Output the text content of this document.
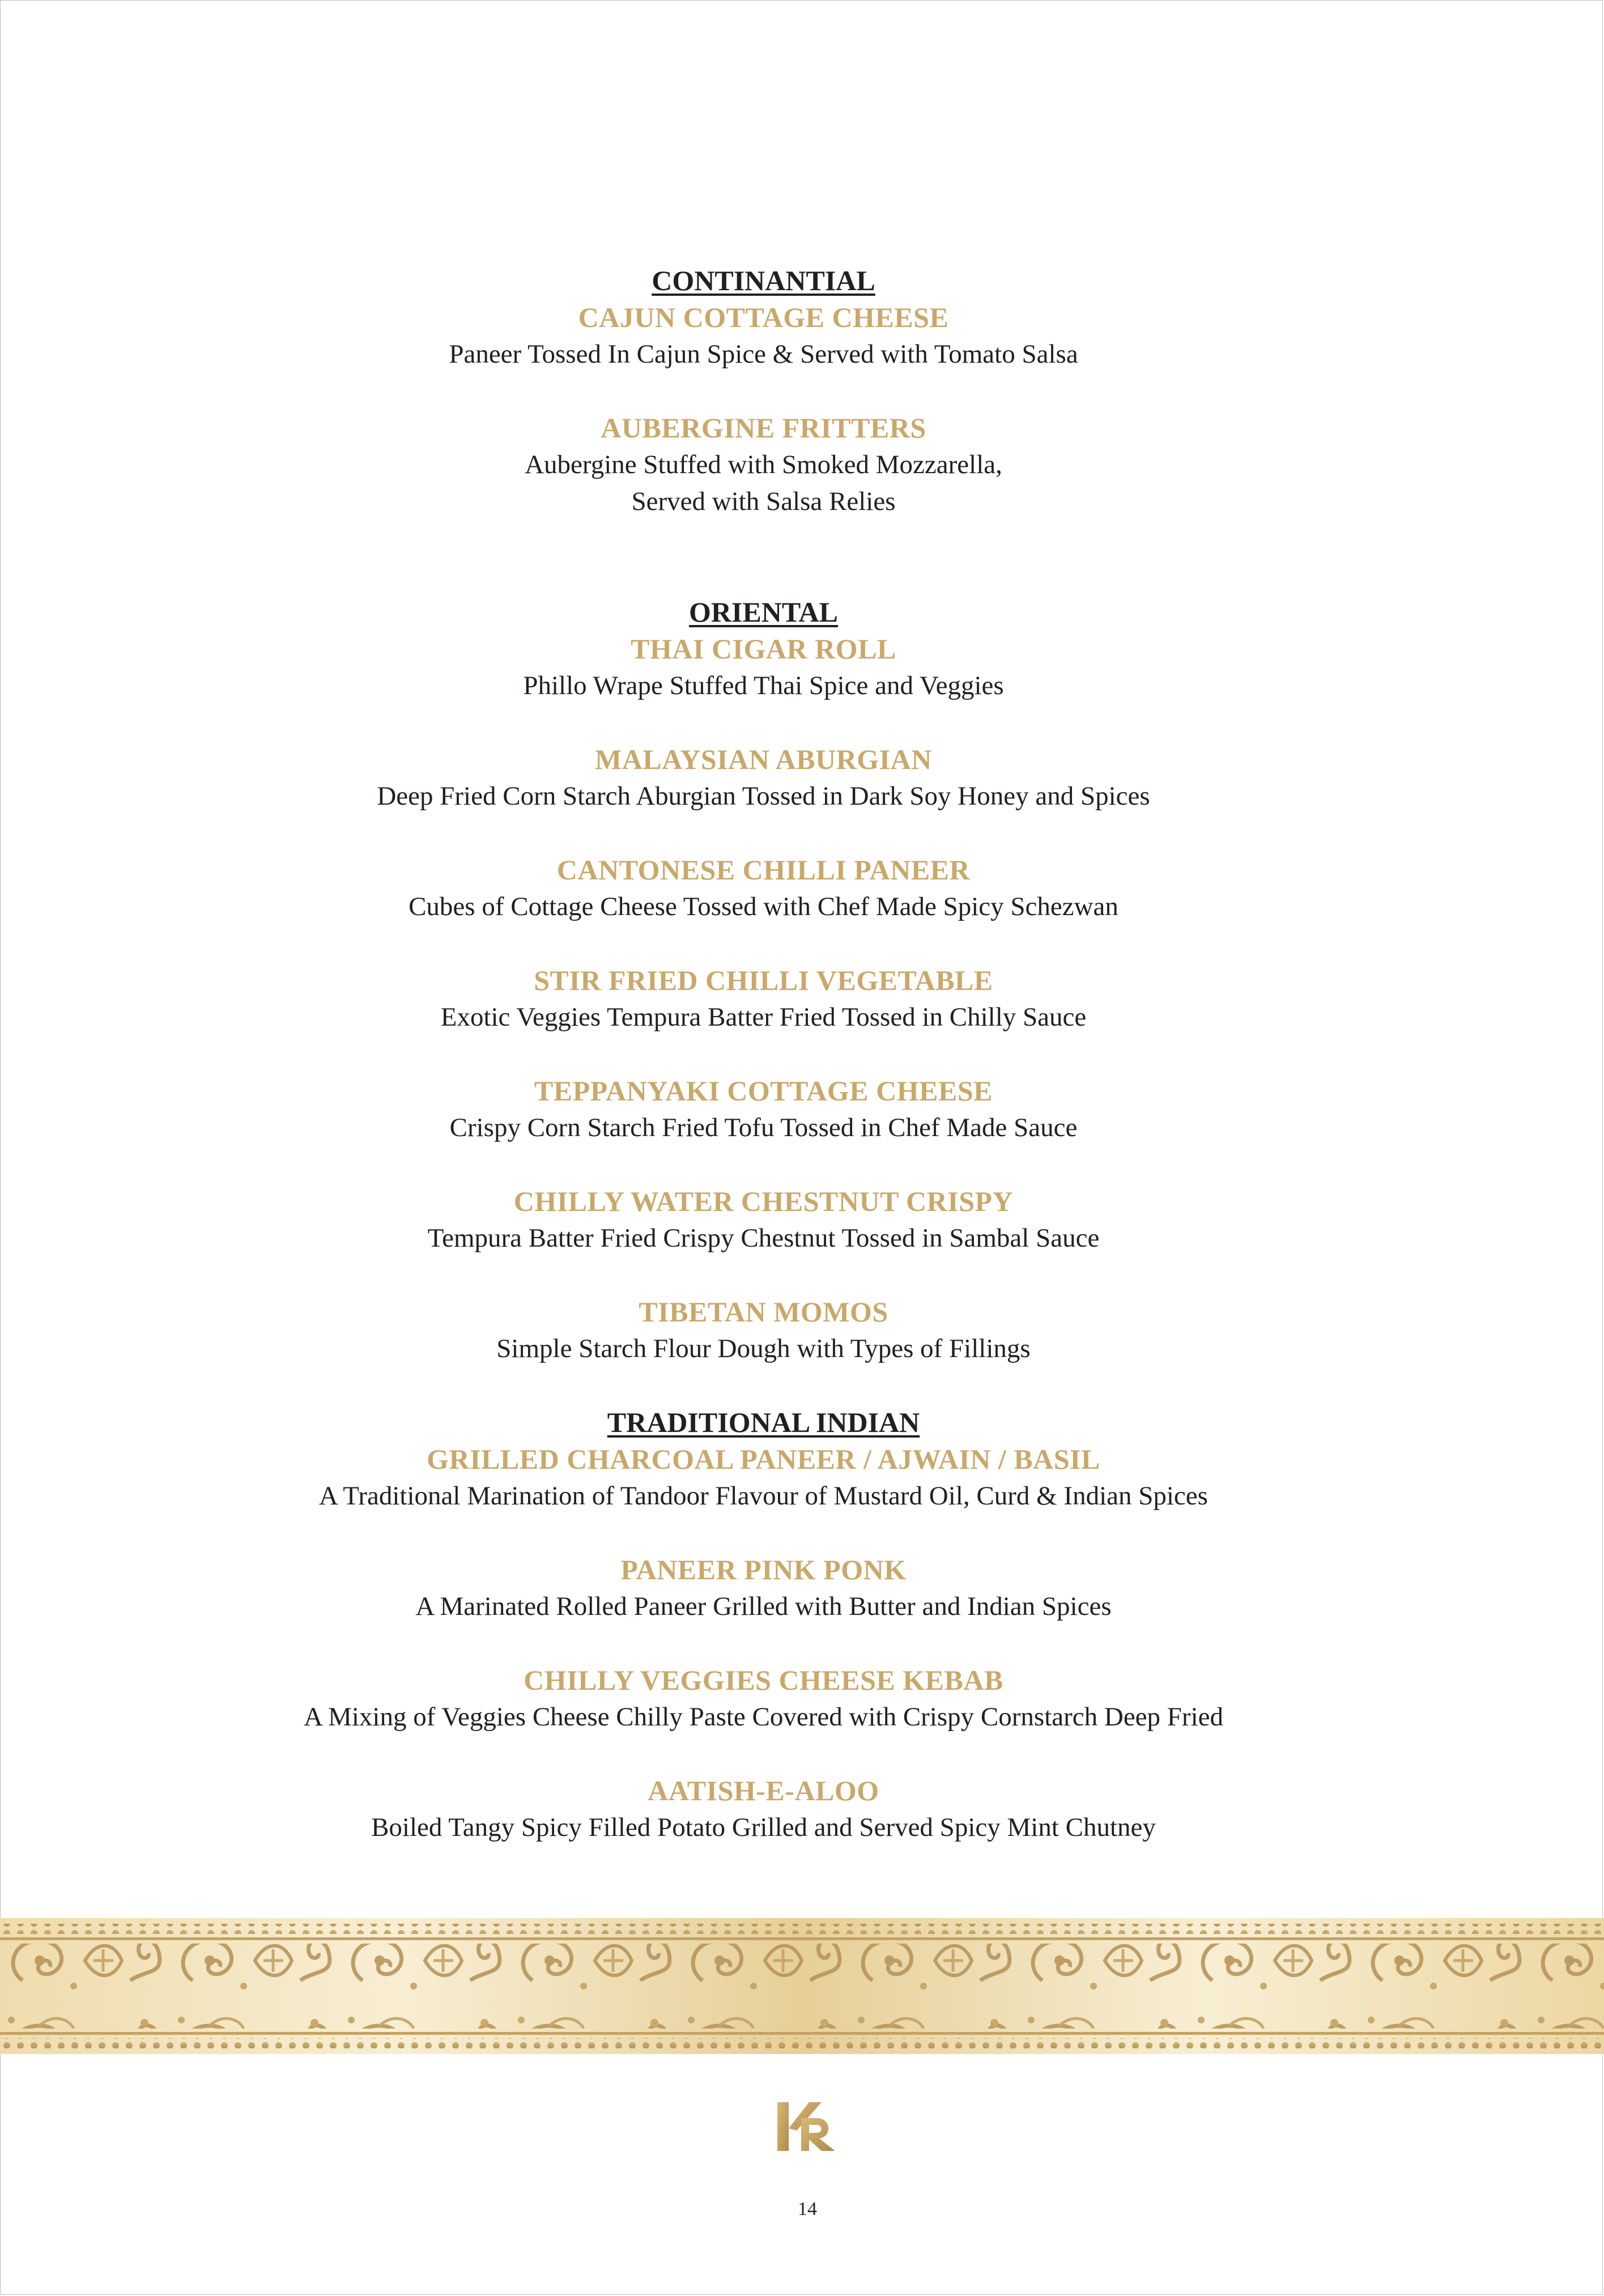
CONTINANTIAL
CAJUN COTTAGE CHEESE
Paneer Tossed In Cajun Spice & Served with Tomato Salsa
AUBERGINE FRITTERS
Aubergine Stuffed with Smoked Mozzarella,
Served with Salsa Relies
ORIENTAL
THAI CIGAR ROLL
Phillo Wrape Stuffed Thai Spice and Veggies
MALAYSIAN ABURGIAN
Deep Fried Corn Starch Aburgian Tossed in Dark Soy Honey and Spices
CANTONESE CHILLI PANEER
Cubes of Cottage Cheese Tossed with Chef Made Spicy Schezwan
STIR FRIED CHILLI VEGETABLE
Exotic Veggies Tempura Batter Fried Tossed in Chilly Sauce
TEPPANYAKI COTTAGE CHEESE
Crispy Corn Starch Fried Tofu Tossed in Chef Made Sauce
CHILLY WATER CHESTNUT CRISPY
Tempura Batter Fried Crispy Chestnut Tossed in Sambal Sauce
TIBETAN MOMOS
Simple Starch Flour Dough with Types of Fillings
TRADITIONAL INDIAN
GRILLED CHARCOAL PANEER / AJWAIN / BASIL
A Traditional Marination of Tandoor Flavour of Mustard Oil, Curd & Indian Spices
PANEER PINK PONK
A Marinated Rolled Paneer Grilled with Butter and Indian Spices
CHILLY VEGGIES CHEESE KEBAB
A Mixing of Veggies Cheese Chilly Paste Covered with Crispy Cornstarch Deep Fried
AATISH-E-ALOO
Boiled Tangy Spicy Filled Potato Grilled and Served Spicy Mint Chutney
14
